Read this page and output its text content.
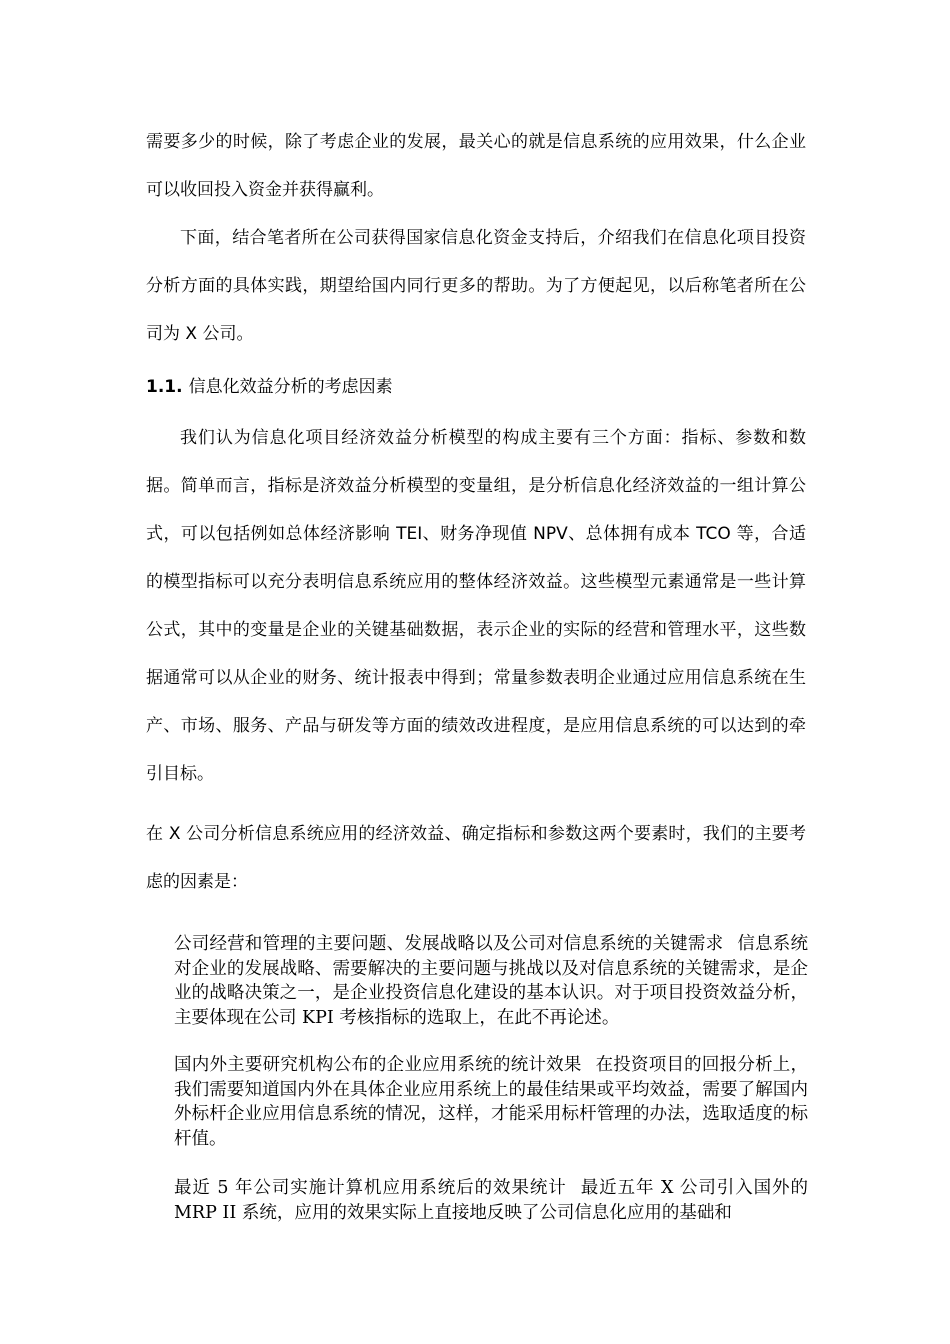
需要多少的时候，除了考虑企业的发展，最关心的就是信息系统的应用效果，什么企业可以收回投入资金并获得赢利。

下面，结合笔者所在公司获得国家信息化资金支持后，介绍我们在信息化项目投资分析方面的具体实践，期望给国内同行更多的帮助。为了方便起见，以后称笔者所在公司为 X 公司。

1.1. 信息化效益分析的考虑因素

我们认为信息化项目经济效益分析模型的构成主要有三个方面：指标、参数和数据。简单而言，指标是济效益分析模型的变量组，是分析信息化经济效益的一组计算公式，可以包括例如总体经济影响 TEI、财务净现值 NPV、总体拥有成本 TCO 等，合适的模型指标可以充分表明信息系统应用的整体经济效益。这些模型元素通常是一些计算公式，其中的变量是企业的关键基础数据，表示企业的实际的经营和管理水平，这些数据通常可以从企业的财务、统计报表中得到；常量参数表明企业通过应用信息系统在生产、市场、服务、产品与研发等方面的绩效改进程度，是应用信息系统的可以达到的牵引目标。

在 X 公司分析信息系统应用的经济效益、确定指标和参数这两个要素时，我们的主要考虑的因素是：

公司经营和管理的主要问题、发展战略以及公司对信息系统的关键需求 信息系统对企业的发展战略、需要解决的主要问题与挑战以及对信息系统的关键需求，是企业的战略决策之一，是企业投资信息化建设的基本认识。对于项目投资效益分析，主要体现在公司 KPI 考核指标的选取上，在此不再论述。
国内外主要研究机构公布的企业应用系统的统计效果 在投资项目的回报分析上，我们需要知道国内外在具体企业应用系统上的最佳结果或平均效益，需要了解国内外标杆企业应用信息系统的情况，这样，才能采用标杆管理的办法，选取适度的标杆值。
最近 5 年公司实施计算机应用系统后的效果统计 最近五年 X 公司引入国外的 MRP II 系统，应用的效果实际上直接地反映了公司信息化应用的基础和
